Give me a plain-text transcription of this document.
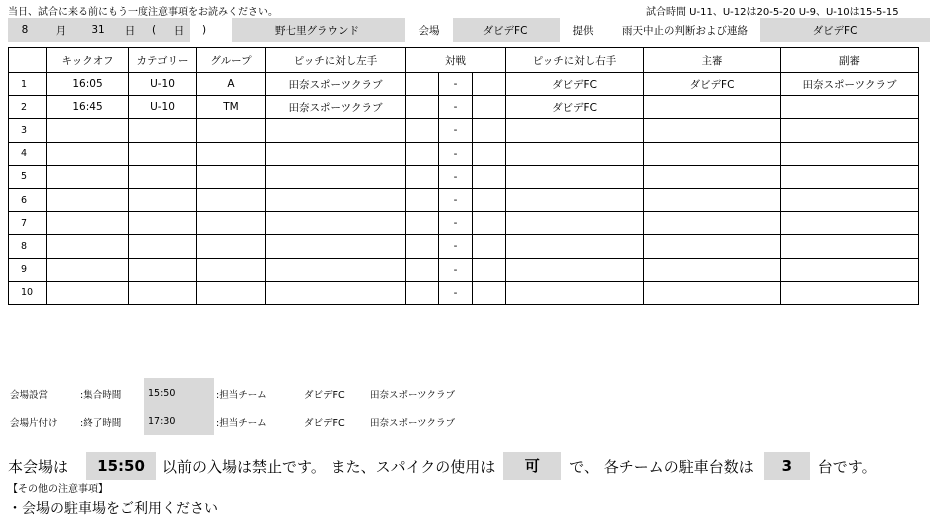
当日、試合に来る前にもう一度注意事項をお読みください。	試合時間 U-11、U-12は20-5-20 U-9、U-10は15-5-15
8	月	31	日	(	日	)	野七里グラウンド	会場	ダビデFC	提供	雨天中止の判断および連絡	ダビデFC
	キックオフ	カテゴリー	グループ	ピッチに対し左手	対戦			ピッチに対し右手	主審	副審
1	16:05	U-10	A	田奈スポーツクラブ		-		ダビデFC	ダビデFC	田奈スポーツクラブ
2	16:45	U-10	TM	田奈スポーツクラブ		-		ダビデFC		
3						-				
4						-				
5						-				
6						-				
7						-				
8						-				
9						-				
10						-				
会場設営	:集合時間	15:50	:担当チーム	ダビデFC	田奈スポーツクラブ
会場片付け :終了時間	17:30	:担当チーム	ダビデFC	田奈スポーツクラブ
本会場は	15:50	以前の入場は禁止です。 また、スパイクの使用は	可	で、 各チームの駐車台数は	3	台です。
【その他の注意事項】
・会場の駐車場をご利用ください
